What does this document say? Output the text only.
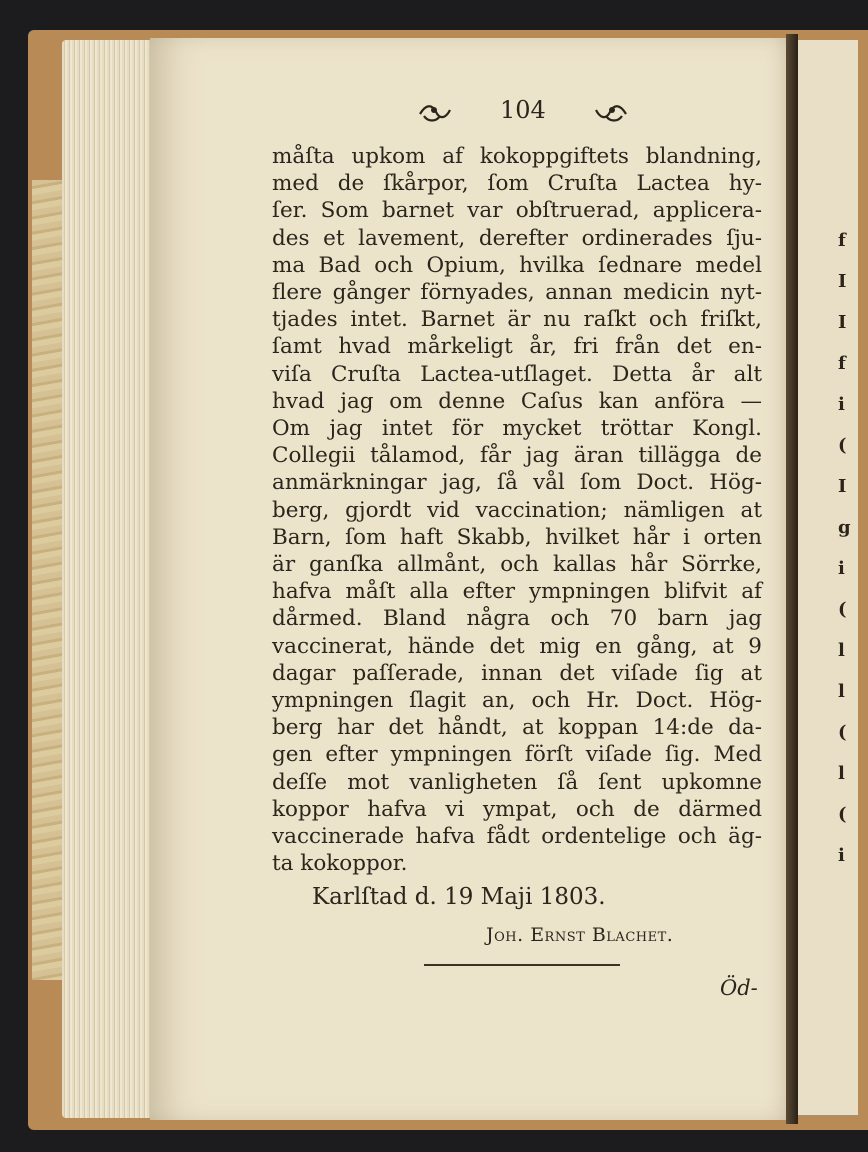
f
I
I
f
i
(
I
g
i
(
l
l
(
l
(
i
104
måſta upkom af kokoppgiftets blandning,
med de ſkårpor, ſom Cruſta Lactea hy-
ſer. Som barnet var obſtruerad, applicera-
des et lavement, derefter ordinerades ſju-
ma Bad och Opium, hvilka ſednare medel
flere gånger förnyades, annan medicin nyt-
tjades intet. Barnet är nu raſkt och friſkt,
ſamt hvad mårkeligt år, fri från det en-
viſa Cruſta Lactea-utſlaget. Detta år alt
hvad jag om denne Caſus kan anföra —
Om jag intet för mycket tröttar Kongl.
Collegii tålamod, får jag äran tillägga de
anmärkningar jag, ſå vål ſom Doct. Hög-
berg, gjordt vid vaccination; nämligen at
Barn, ſom haft Skabb, hvilket hår i orten
är ganſka allmånt, och kallas hår Sörrke,
hafva måſt alla efter ympningen blifvit af
dårmed. Bland några och 70 barn jag
vaccinerat, hände det mig en gång, at 9
dagar paſſerade, innan det viſade ſig at
ympningen ſlagit an, och Hr. Doct. Hög-
berg har det håndt, at koppan 14:de da-
gen efter ympningen förſt viſade ſig. Med
deſſe mot vanligheten ſå ſent upkomne
koppor hafva vi ympat, och de därmed
vaccinerade hafva fådt ordentelige och äg-
ta kokoppor.
Karlſtad d. 19 Maji 1803.
Joh. Ernst Blachet.
Öd-
